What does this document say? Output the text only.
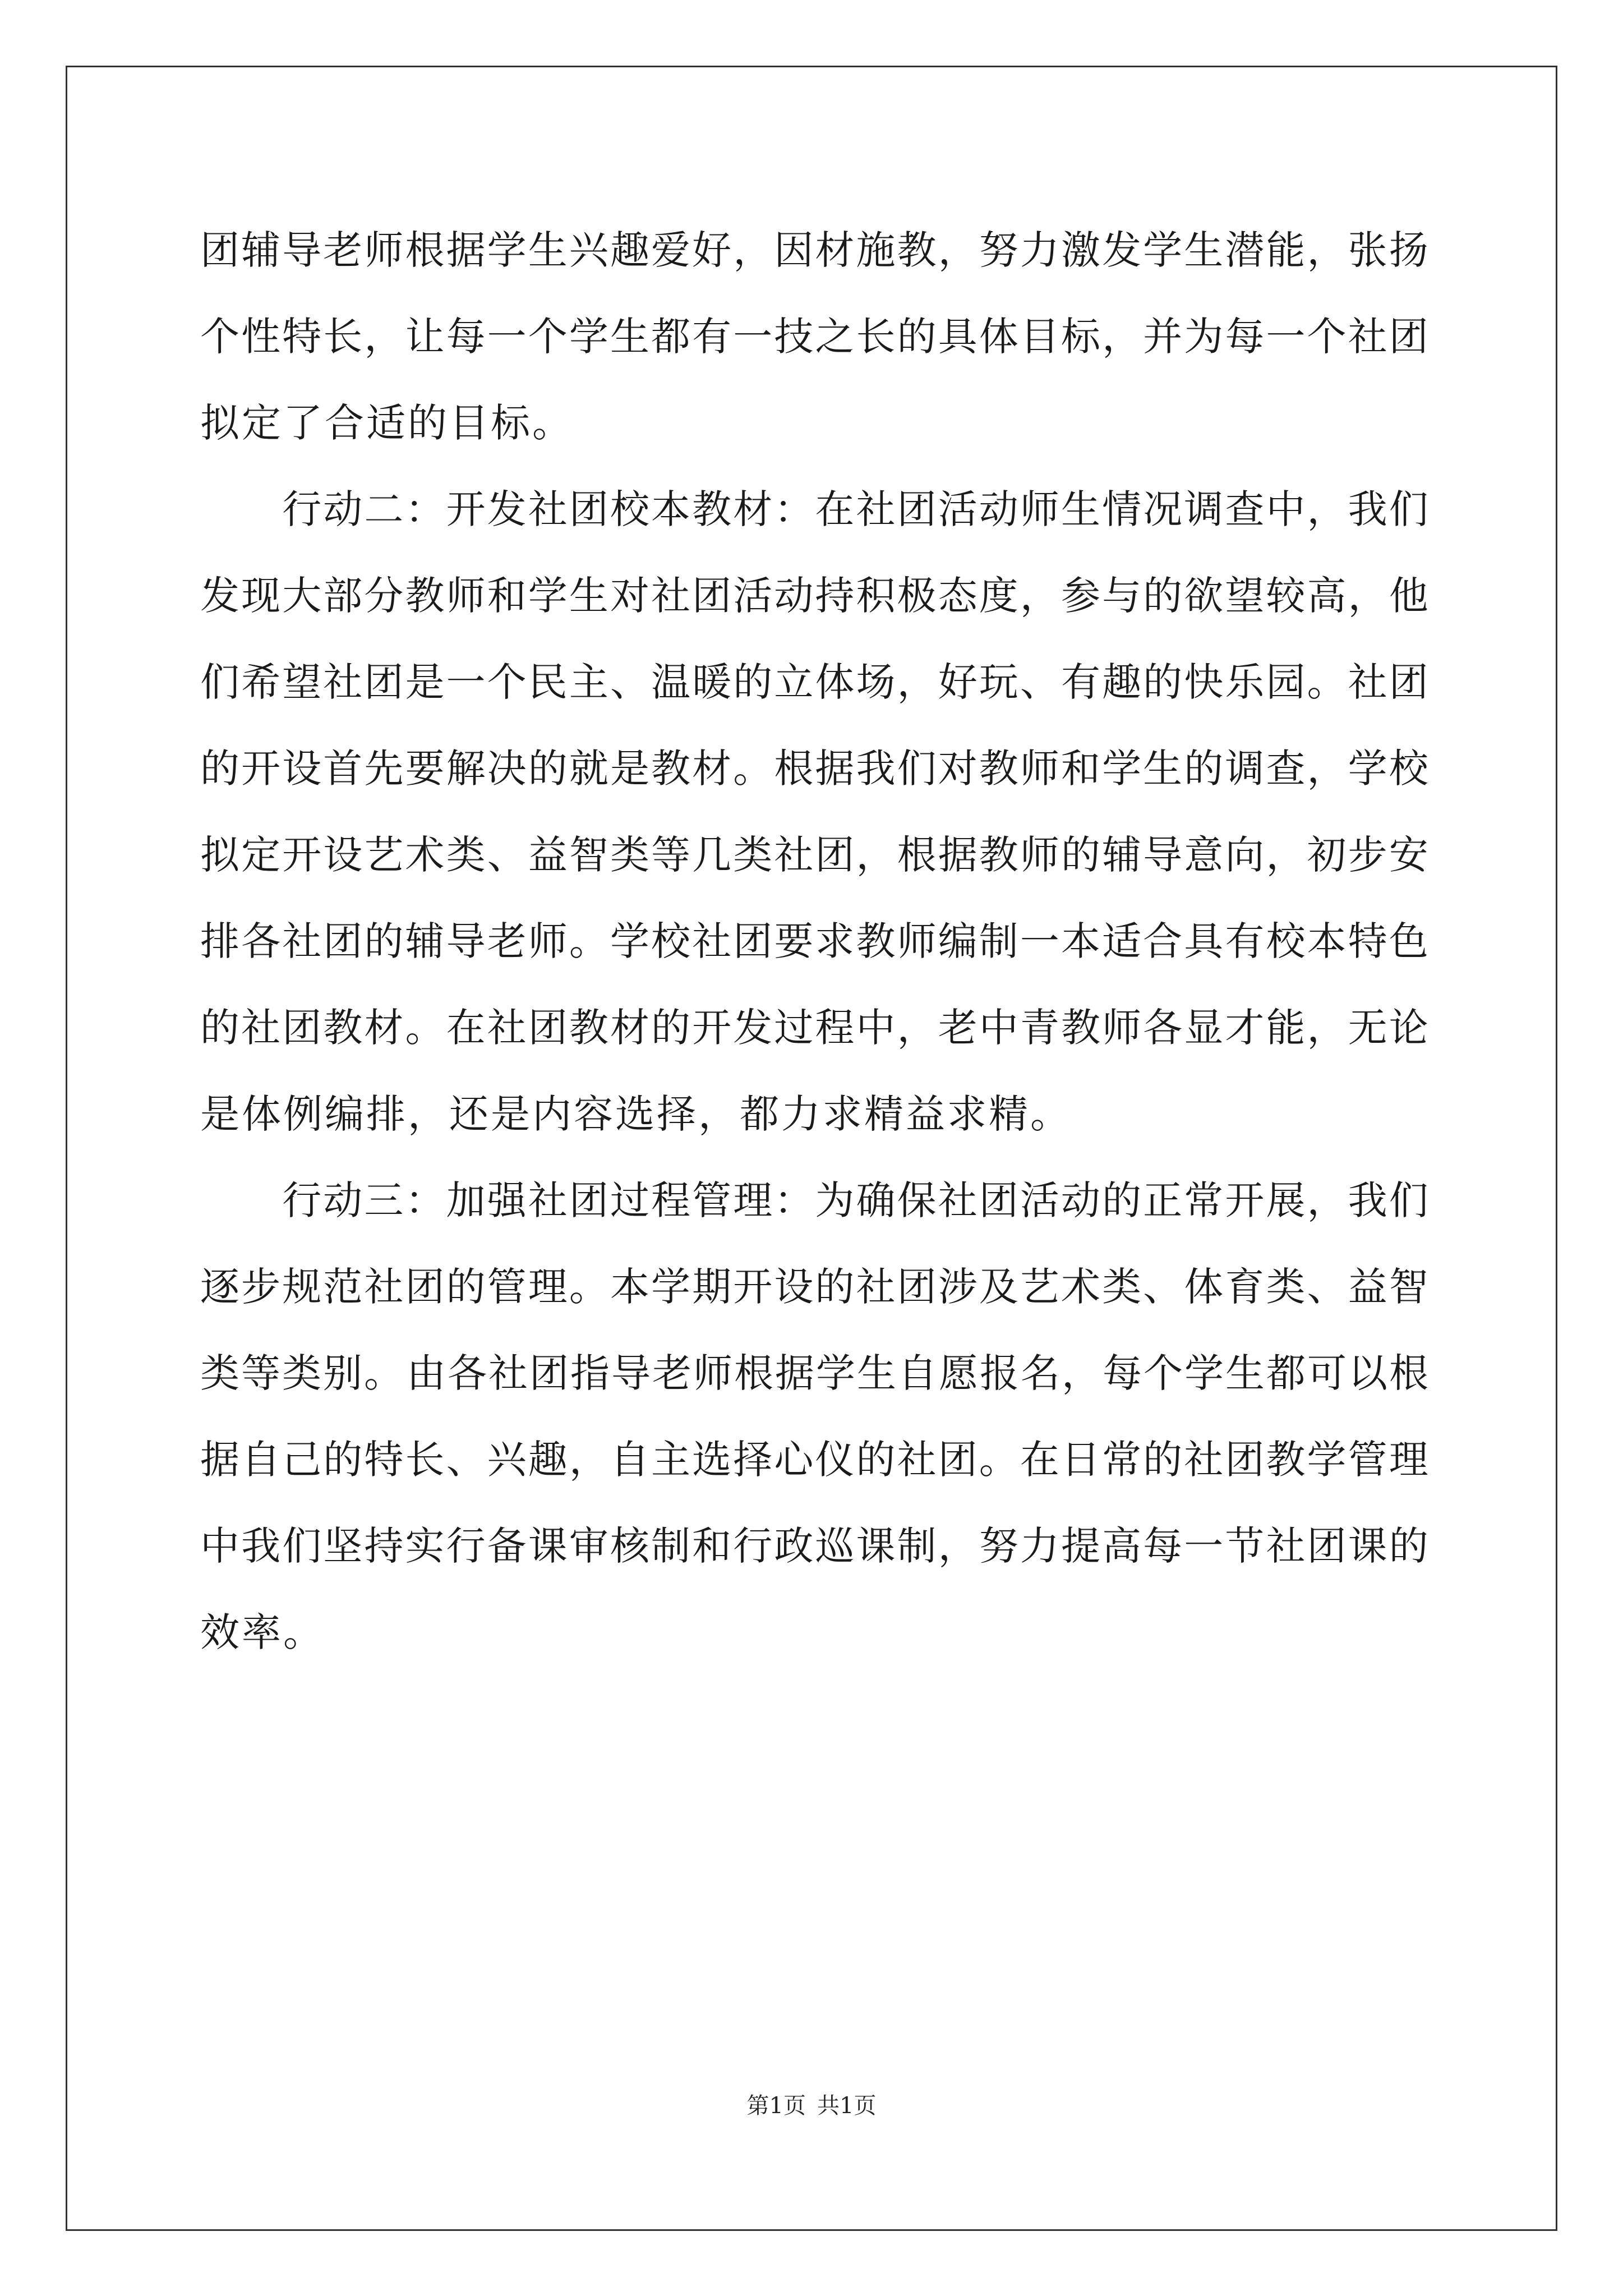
团 辅 导 老 师 根 据 学 生 兴 趣 爱 好 ， 因 材 施 教 ， 努 力 激 发 学 生 潜 能 ， 张 扬
个 性 特 长 ， 让 每 一 个 学 生 都 有 一 技 之 长 的 具 体 目 标 ， 并 为 每 一 个 社 团
拟定了合适的目标。

行 动 二 ： 开 发 社 团 校 本 教 材 ： 在 社 团 活 动 师 生 情 况 调 查 中 ， 我 们
发 现 大 部 分 教 师 和 学 生 对 社 团 活 动 持 积 极 态 度 ， 参 与 的 欲 望 较 高 ， 他
们 希 望 社 团 是 一 个 民 主 、 温 暖 的 立 体 场 ， 好 玩 、 有 趣 的 快 乐 园 。 社 团
的 开 设 首 先 要 解 决 的 就 是 教 材 。 根 据 我 们 对 教 师 和 学 生 的 调 查 ， 学 校
拟 定 开 设 艺 术 类 、 益 智 类 等 几 类 社 团 ， 根 据 教 师 的 辅 导 意 向 ， 初 步 安
排 各 社 团 的 辅 导 老 师 。 学 校 社 团 要 求 教 师 编 制 一 本 适 合 具 有 校 本 特 色
的 社 团 教 材 。 在 社 团 教 材 的 开 发 过 程 中 ， 老 中 青 教 师 各 显 才 能 ， 无 论
是体例编排，还是内容选择，都力求精益求精。

行 动 三 ： 加 强 社 团 过 程 管 理 ： 为 确 保 社 团 活 动 的 正 常 开 展 ， 我 们
逐 步 规 范 社 团 的 管 理 。 本 学 期 开 设 的 社 团 涉 及 艺 术 类 、 体 育 类 、 益 智
类 等 类 别 。 由 各 社 团 指 导 老 师 根 据 学 生 自 愿 报 名 ， 每 个 学 生 都 可 以 根
据 自 己 的 特 长 、 兴 趣 ， 自 主 选 择 心 仪 的 社 团 。 在 日 常 的 社 团 教 学 管 理
中 我 们 坚 持 实 行 备 课 审 核 制 和 行 政 巡 课 制 ， 努 力 提 高 每 一 节 社 团 课 的
效率。
第1页 共1页
